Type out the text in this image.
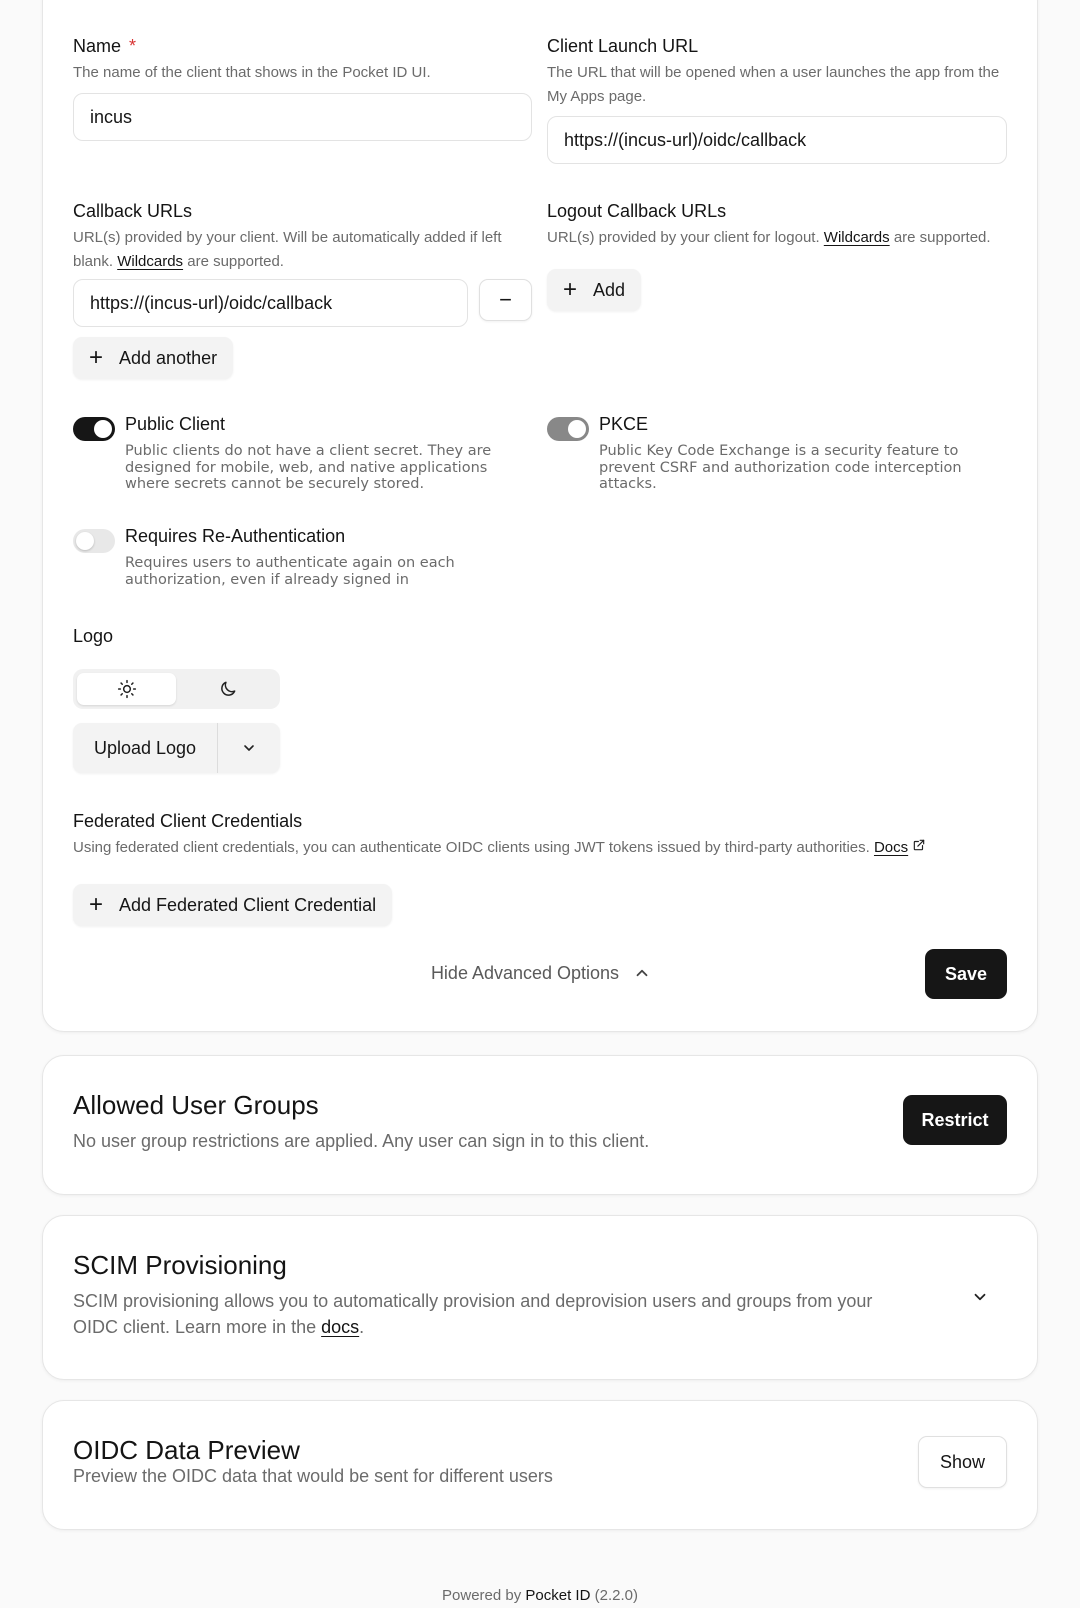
Name *
The name of the client that shows in the Pocket ID UI.
incus
Client Launch URL
The URL that will be opened when a user launches the app from the My Apps page.
https://(incus-url)/oidc/callback
Callback URLs
URL(s) provided by your client. Will be automatically added if left blank. Wildcards are supported.
https://(incus-url)/oidc/callback	−
+ Add another
Logout Callback URLs
URL(s) provided by your client for logout. Wildcards are supported.
+ Add
Public Client
Public clients do not have a client secret. They are designed for mobile, web, and native applications where secrets cannot be securely stored.
PKCE
Public Key Code Exchange is a security feature to prevent CSRF and authorization code interception attacks.
Requires Re-Authentication
Requires users to authenticate again on each authorization, even if already signed in
Logo
Upload Logo
Federated Client Credentials
Using federated client credentials, you can authenticate OIDC clients using JWT tokens issued by third-party authorities. Docs
+ Add Federated Client Credential
Hide Advanced Options	Save
Allowed User Groups
No user group restrictions are applied. Any user can sign in to this client.
Restrict
SCIM Provisioning
SCIM provisioning allows you to automatically provision and deprovision users and groups from your OIDC client. Learn more in the docs.
OIDC Data Preview
Preview the OIDC data that would be sent for different users
Show
Powered by Pocket ID (2.2.0)
